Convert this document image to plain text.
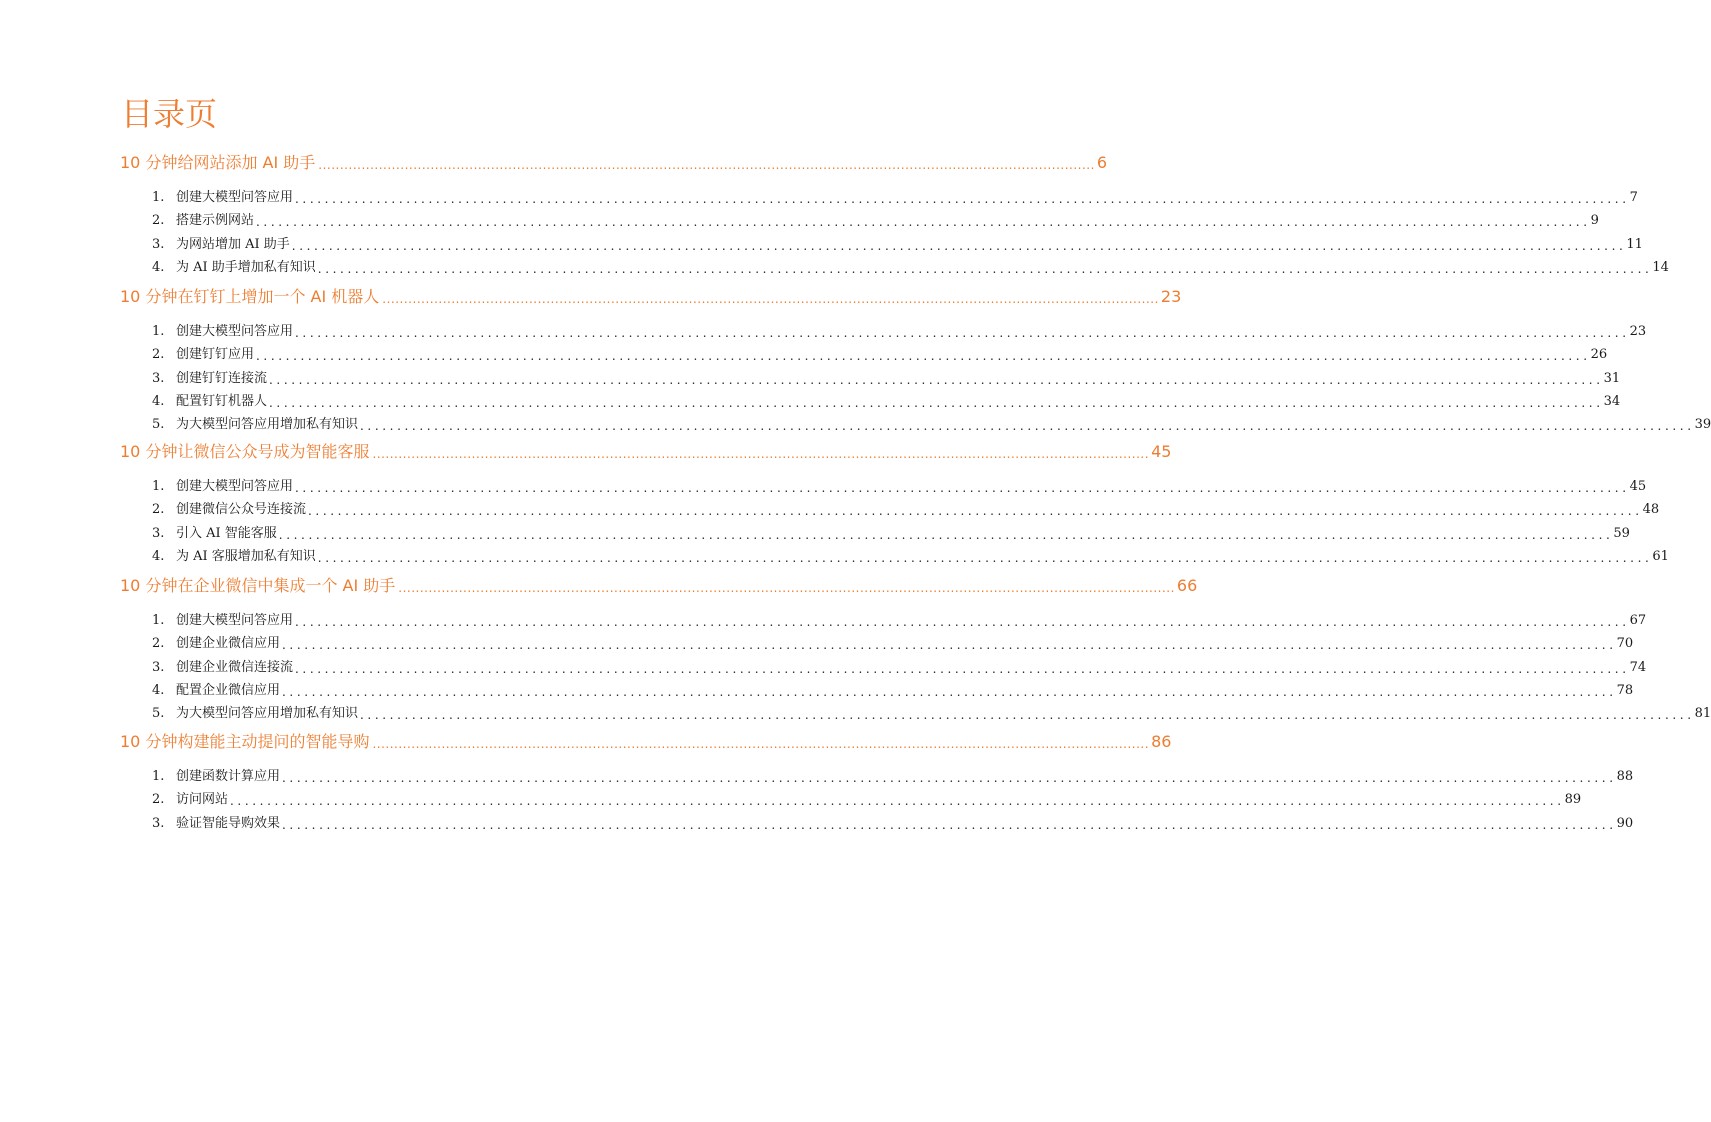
目录页
10 分钟给网站添加 AI 助手 .................................................................................................................................................................................... 6
1. 创建大模型问答应用 .................................................................................................................................................................................... 7
2. 搭建示例网站 .................................................................................................................................................................................... 9
3. 为网站增加 AI 助手 .................................................................................................................................................................................... 11
4. 为 AI 助手增加私有知识 .................................................................................................................................................................................... 14
10 分钟在钉钉上增加一个 AI 机器人 .................................................................................................................................................................................... 23
1. 创建大模型问答应用 .................................................................................................................................................................................... 23
2. 创建钉钉应用 .................................................................................................................................................................................... 26
3. 创建钉钉连接流 .................................................................................................................................................................................... 31
4. 配置钉钉机器人 .................................................................................................................................................................................... 34
5. 为大模型问答应用增加私有知识 .................................................................................................................................................................................... 39
10 分钟让微信公众号成为智能客服 .................................................................................................................................................................................... 45
1. 创建大模型问答应用 .................................................................................................................................................................................... 45
2. 创建微信公众号连接流 .................................................................................................................................................................................... 48
3. 引入 AI 智能客服 .................................................................................................................................................................................... 59
4. 为 AI 客服增加私有知识 .................................................................................................................................................................................... 61
10 分钟在企业微信中集成一个 AI 助手 .................................................................................................................................................................................... 66
1. 创建大模型问答应用 .................................................................................................................................................................................... 67
2. 创建企业微信应用 .................................................................................................................................................................................... 70
3. 创建企业微信连接流 .................................................................................................................................................................................... 74
4. 配置企业微信应用 .................................................................................................................................................................................... 78
5. 为大模型问答应用增加私有知识 .................................................................................................................................................................................... 81
10 分钟构建能主动提问的智能导购 .................................................................................................................................................................................... 86
1. 创建函数计算应用 .................................................................................................................................................................................... 88
2. 访问网站 .................................................................................................................................................................................... 89
3. 验证智能导购效果 .................................................................................................................................................................................... 90
